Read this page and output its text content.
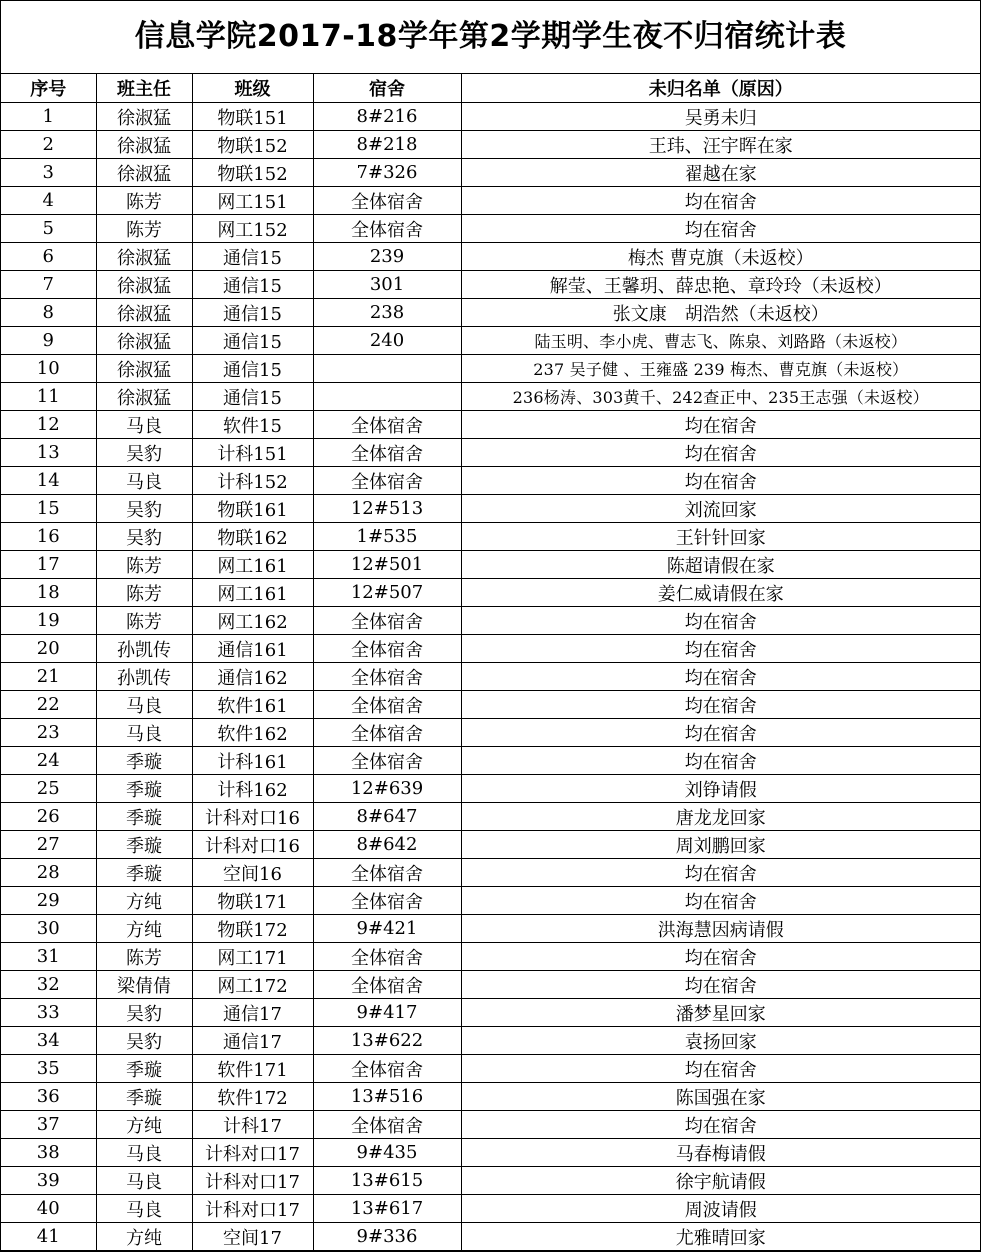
信息学院2017-18学年第2学期学生夜不归宿统计表
序号	班主任	班级	宿舍	未归名单（原因）
1	徐淑猛	物联151	8#216	吴勇未归
2	徐淑猛	物联152	8#218	王玮、汪宇晖在家
3	徐淑猛	物联152	7#326	翟越在家
4	陈芳	网工151	全体宿舍	均在宿舍
5	陈芳	网工152	全体宿舍	均在宿舍
6	徐淑猛	通信15	239	梅杰 曹克旗（未返校）
7	徐淑猛	通信15	301	解莹、王馨玥、薛忠艳、章玲玲（未返校）
8	徐淑猛	通信15	238	张文康　胡浩然（未返校）
9	徐淑猛	通信15	240	陆玉明、李小虎、曹志飞、陈泉、刘路路（未返校）
10	徐淑猛	通信15		237 吴子健 、王雍盛 239 梅杰、曹克旗（未返校）
11	徐淑猛	通信15		236杨涛、303黄千、242查正中、235王志强（未返校）
12	马良	软件15	全体宿舍	均在宿舍
13	吴豹	计科151	全体宿舍	均在宿舍
14	马良	计科152	全体宿舍	均在宿舍
15	吴豹	物联161	12#513	刘流回家
16	吴豹	物联162	1#535	王针针回家
17	陈芳	网工161	12#501	陈超请假在家
18	陈芳	网工161	12#507	姜仁威请假在家
19	陈芳	网工162	全体宿舍	均在宿舍
20	孙凯传	通信161	全体宿舍	均在宿舍
21	孙凯传	通信162	全体宿舍	均在宿舍
22	马良	软件161	全体宿舍	均在宿舍
23	马良	软件162	全体宿舍	均在宿舍
24	季璇	计科161	全体宿舍	均在宿舍
25	季璇	计科162	12#639	刘铮请假
26	季璇	计科对口16	8#647	唐龙龙回家
27	季璇	计科对口16	8#642	周刘鹏回家
28	季璇	空间16	全体宿舍	均在宿舍
29	方纯	物联171	全体宿舍	均在宿舍
30	方纯	物联172	9#421	洪海慧因病请假
31	陈芳	网工171	全体宿舍	均在宿舍
32	梁倩倩	网工172	全体宿舍	均在宿舍
33	吴豹	通信17	9#417	潘梦星回家
34	吴豹	通信17	13#622	袁扬回家
35	季璇	软件171	全体宿舍	均在宿舍
36	季璇	软件172	13#516	陈国强在家
37	方纯	计科17	全体宿舍	均在宿舍
38	马良	计科对口17	9#435	马春梅请假
39	马良	计科对口17	13#615	徐宇航请假
40	马良	计科对口17	13#617	周波请假
41	方纯	空间17	9#336	尤雅晴回家
